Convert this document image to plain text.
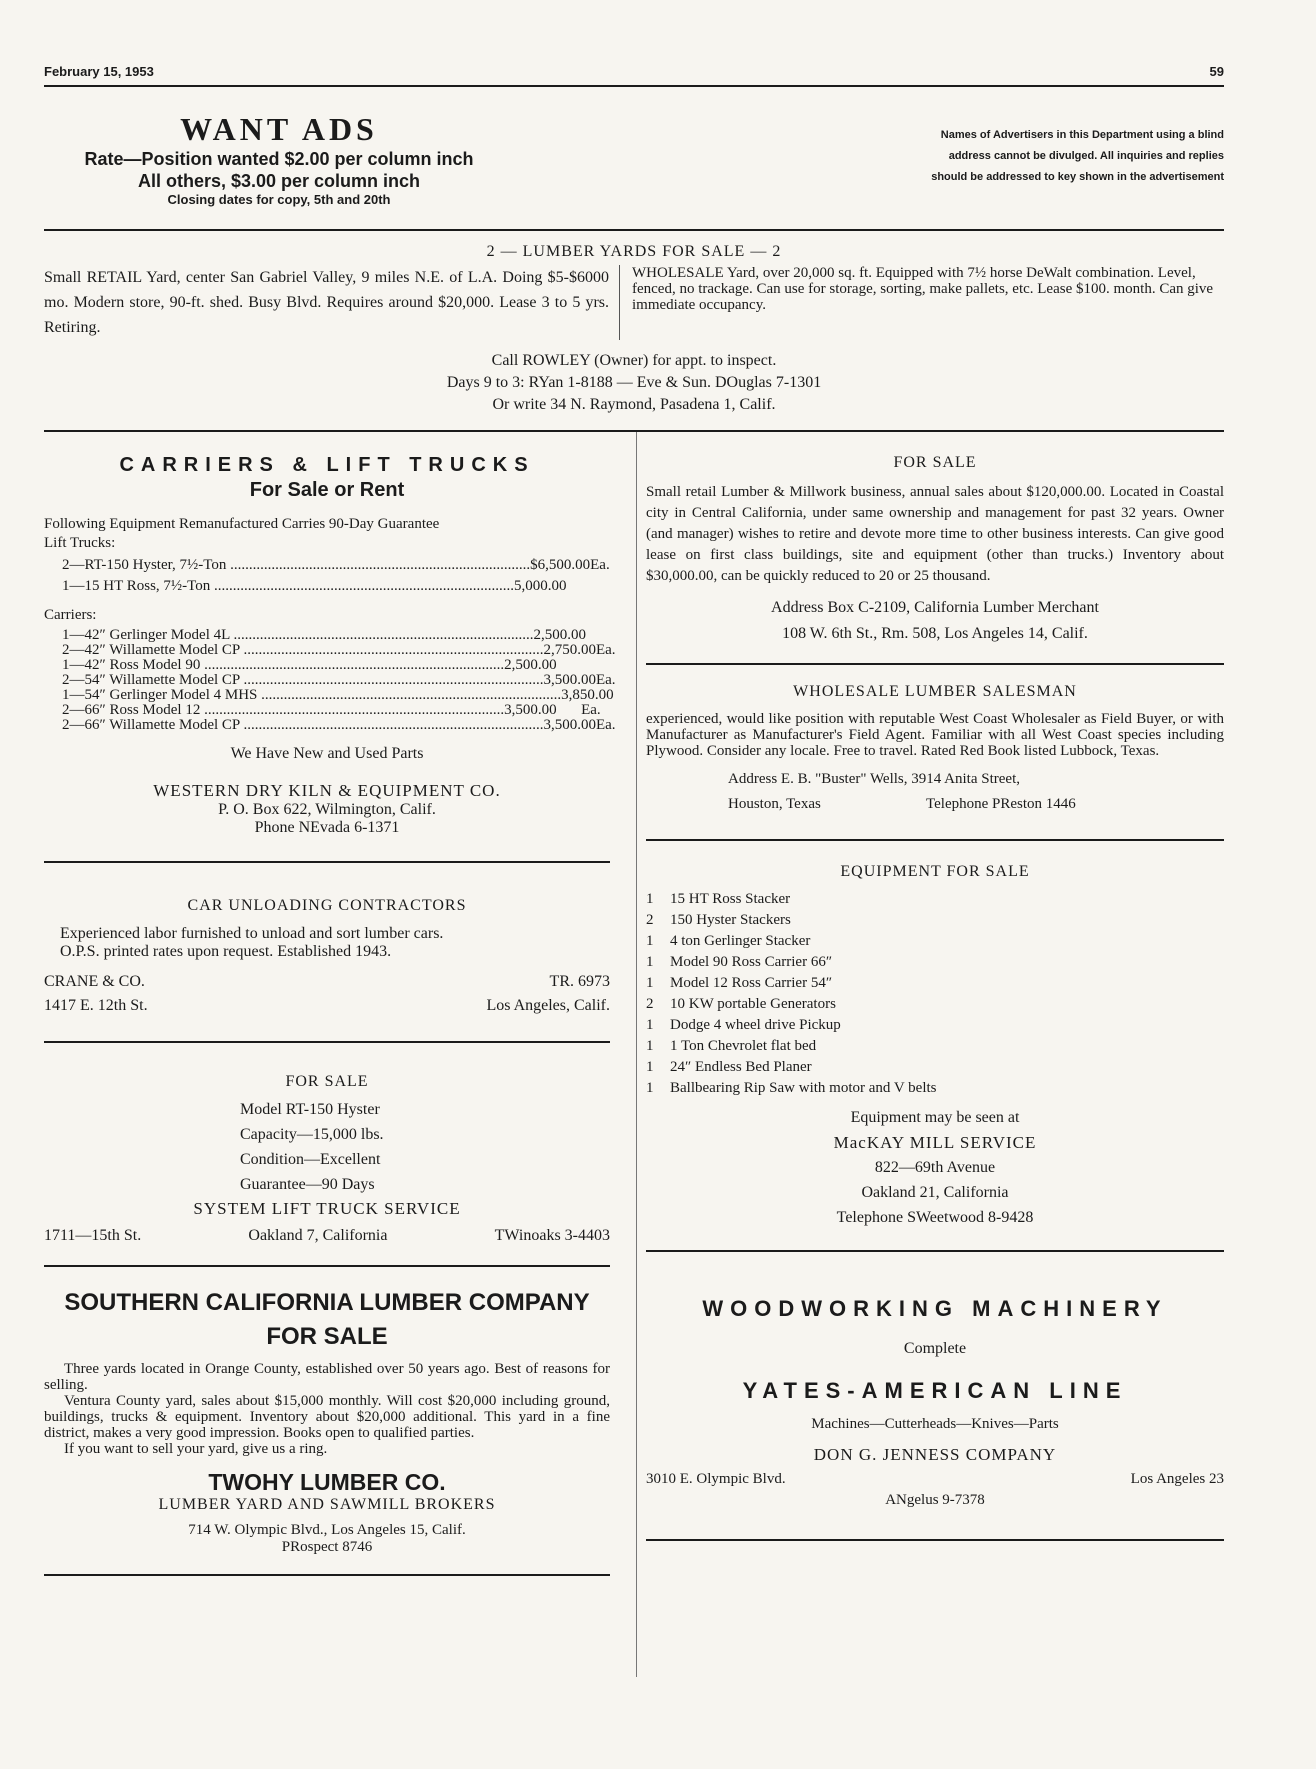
February 15, 1953	59
WANT ADS
Rate—Position wanted $2.00 per column inch
All others, $3.00 per column inch
Closing dates for copy, 5th and 20th
Names of Advertisers in this Department using a blind
address cannot be divulged. All inquiries and replies
should be addressed to key shown in the advertisement
2 — LUMBER YARDS FOR SALE — 2
Small RETAIL Yard, center San Gabriel Valley, 9 miles N.E. of L.A. Doing $5-$6000 mo. Modern store, 90-ft. shed. Busy Blvd. Requires around $20,000. Lease 3 to 5 yrs. Retiring.
WHOLESALE Yard, over 20,000 sq. ft. Equipped with 7½ horse DeWalt combination. Level, fenced, no trackage. Can use for storage, sorting, make pallets, etc. Lease $100. month. Can give immediate occupancy.
Call ROWLEY (Owner) for appt. to inspect.
Days 9 to 3: RYan 1-8188 — Eve & Sun. DOuglas 7-1301
Or write 34 N. Raymond, Pasadena 1, Calif.
CARRIERS & LIFT TRUCKS
For Sale or Rent
Following Equipment Remanufactured Carries 90-Day Guarantee
Lift Trucks:
2—RT-150 Hyster, 7½-Ton ................................................................................ $6,500.00 Ea.
1—15 HT Ross, 7½-Ton ................................................................................ 5,000.00
Carriers:
1—42″ Gerlinger Model 4L ................................................................................ 2,500.00
2—42″ Willamette Model CP ................................................................................ 2,750.00 Ea.
1—42″ Ross Model 90 ................................................................................ 2,500.00
2—54″ Willamette Model CP ................................................................................ 3,500.00 Ea.
1—54″ Gerlinger Model 4 MHS ................................................................................ 3,850.00
2—66″ Ross Model 12 ................................................................................ 3,500.00	Ea.
2—66″ Willamette Model CP ................................................................................ 3,500.00 Ea.
We Have New and Used Parts
WESTERN DRY KILN & EQUIPMENT CO.
P. O. Box 622, Wilmington, Calif.
Phone NEvada 6-1371
CAR UNLOADING CONTRACTORS
Experienced labor furnished to unload and sort lumber cars.
O.P.S. printed rates upon request. Established 1943.
CRANE & CO.	TR. 6973
1417 E. 12th St.	Los Angeles, Calif.
FOR SALE
Model RT-150 Hyster
Capacity—15,000 lbs.
Condition—Excellent
Guarantee—90 Days
SYSTEM LIFT TRUCK SERVICE
1711—15th St.	Oakland 7, California	TWinoaks 3-4403
SOUTHERN CALIFORNIA LUMBER COMPANY
FOR SALE

Three yards located in Orange County, established over 50 years ago. Best of reasons for selling.

Ventura County yard, sales about $15,000 monthly. Will cost $20,000 including ground, buildings, trucks & equipment. Inventory about $20,000 additional. This yard in a fine district, makes a very good impression. Books open to qualified parties.

If you want to sell your yard, give us a ring.

TWOHY LUMBER CO.
LUMBER YARD AND SAWMILL BROKERS
714 W. Olympic Blvd., Los Angeles 15, Calif.
PRospect 8746
FOR SALE

Small retail Lumber & Millwork business, annual sales about $120,000.00. Located in Coastal city in Central California, under same ownership and management for past 32 years. Owner (and manager) wishes to retire and devote more time to other business interests. Can give good lease on first class buildings, site and equipment (other than trucks.) Inventory about $30,000.00, can be quickly reduced to 20 or 25 thousand.

Address Box C-2109, California Lumber Merchant
108 W. 6th St., Rm. 508, Los Angeles 14, Calif.
WHOLESALE LUMBER SALESMAN

experienced, would like position with reputable West Coast Wholesaler as Field Buyer, or with Manufacturer as Manufacturer's Field Agent. Familiar with all West Coast species including Plywood. Consider any locale. Free to travel. Rated Red Book listed Lubbock, Texas.

Address E. B. "Buster" Wells, 3914 Anita Street,
Houston, Texas	Telephone PReston 1446
EQUIPMENT FOR SALE
1	15 HT Ross Stacker
2	150 Hyster Stackers
1	4 ton Gerlinger Stacker
1	Model 90 Ross Carrier 66″
1	Model 12 Ross Carrier 54″
2	10 KW portable Generators
1	Dodge 4 wheel drive Pickup
1	1 Ton Chevrolet flat bed
1	24″ Endless Bed Planer
1	Ballbearing Rip Saw with motor and V belts
Equipment may be seen at
MacKAY MILL SERVICE
822—69th Avenue
Oakland 21, California
Telephone SWeetwood 8-9428
WOODWORKING MACHINERY
Complete
YATES-AMERICAN LINE
Machines—Cutterheads—Knives—Parts
DON G. JENNESS COMPANY
3010 E. Olympic Blvd.	Los Angeles 23
ANgelus 9-7378
